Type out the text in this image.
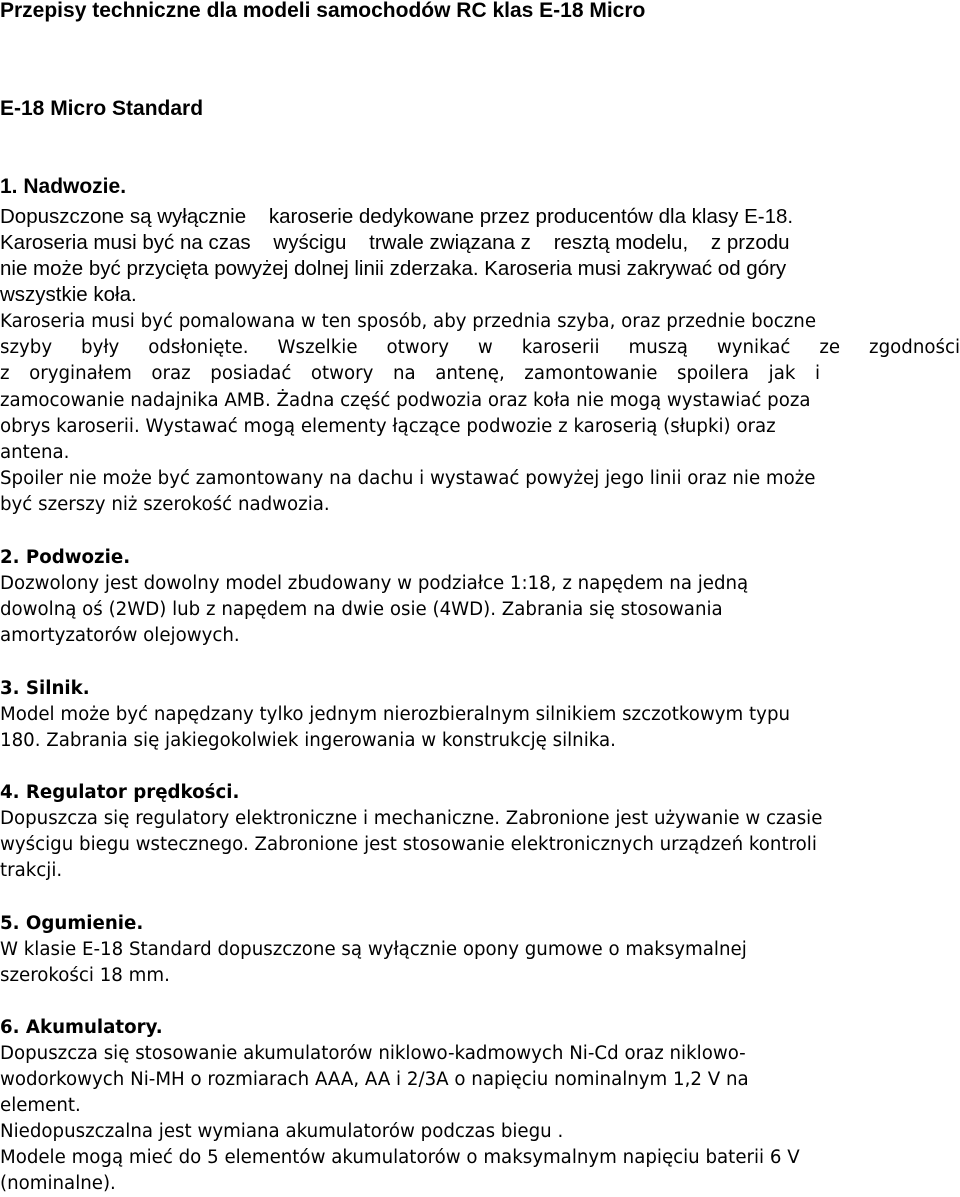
Przepisy techniczne dla modeli samochodów RC klas E-18 Micro
E-18 Micro Standard
1. Nadwozie.
Dopuszczone są wyłącznie    karoserie dedykowane przez producentów dla klasy E-18.
Karoseria musi być na czas    wyścigu    trwale związana z    resztą modelu,    z przodu
nie może być przycięta powyżej dolnej linii zderzaka. Karoseria musi zakrywać od góry
wszystkie koła.
Karoseria musi być pomalowana w ten sposób, aby przednia szyba, oraz przednie boczne
szyby były odsłonięte. Wszelkie otwory w karoserii muszą wynikać ze zgodności
z oryginałem oraz posiadać otwory na antenę, zamontowanie spoilera jak i
zamocowanie nadajnika AMB. Żadna część podwozia oraz koła nie mogą wystawiać poza
obrys karoserii. Wystawać mogą elementy łączące podwozie z karoserią (słupki) oraz
antena.
Spoiler nie może być zamontowany na dachu i wystawać powyżej jego linii oraz nie może
być szerszy niż szerokość nadwozia.
2. Podwozie.
Dozwolony jest dowolny model zbudowany w podziałce 1:18, z napędem na jedną
dowolną oś (2WD) lub z napędem na dwie osie (4WD). Zabrania się stosowania
amortyzatorów olejowych.
3. Silnik.
Model może być napędzany tylko jednym nierozbieralnym silnikiem szczotkowym typu
180. Zabrania się jakiegokolwiek ingerowania w konstrukcję silnika.
4. Regulator prędkości.
Dopuszcza się regulatory elektroniczne i mechaniczne. Zabronione jest używanie w czasie
wyścigu biegu wstecznego. Zabronione jest stosowanie elektronicznych urządzeń kontroli
trakcji.
5. Ogumienie.
W klasie E-18 Standard dopuszczone są wyłącznie opony gumowe o maksymalnej
szerokości 18 mm.
6. Akumulatory.
Dopuszcza się stosowanie akumulatorów niklowo-kadmowych Ni-Cd oraz niklowo-
wodorkowych Ni-MH o rozmiarach AAA, AA i 2/3A o napięciu nominalnym 1,2 V na
element.
Niedopuszczalna jest wymiana akumulatorów podczas biegu .
Modele mogą mieć do 5 elementów akumulatorów o maksymalnym napięciu baterii 6 V
(nominalne).
